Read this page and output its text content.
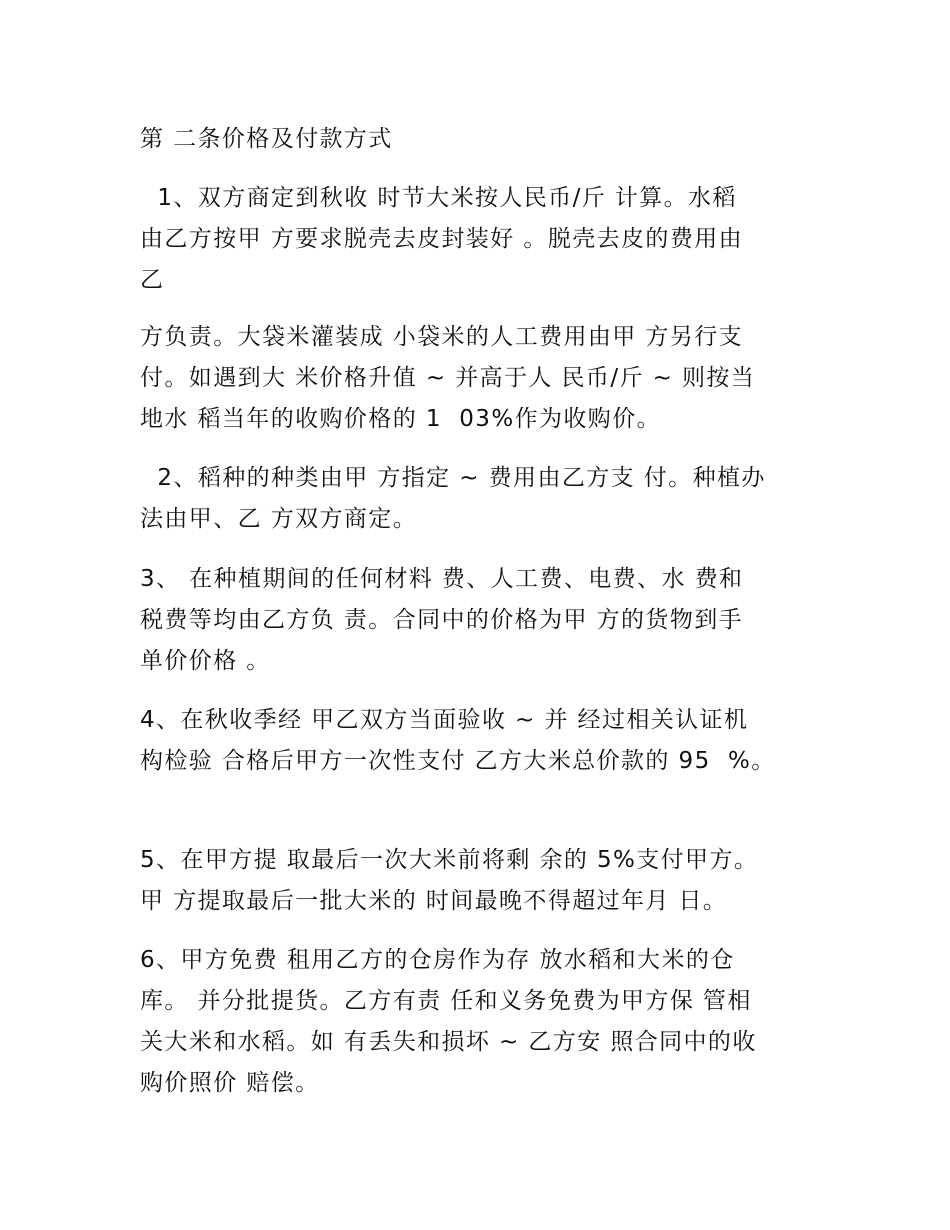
第 二条价格及付款方式
1、双方商定到秋收 时节大米按人民币/斤 计算。水稻
由乙方按甲 方要求脱壳去皮封装好 。脱壳去皮的费用由
乙
方负责。大袋米灌装成 小袋米的人工费用由甲 方另行支
付。如遇到大 米价格升值 ~ 并高于人 民币/斤 ~ 则按当
地水 稻当年的收购价格的 1  03%作为收购价。
2、稻种的种类由甲 方指定 ~ 费用由乙方支 付。种植办
法由甲、乙 方双方商定。
3、 在种植期间的任何材料 费、人工费、电费、水 费和
税费等均由乙方负 责。合同中的价格为甲 方的货物到手
单价价格 。
4、在秋收季经 甲乙双方当面验收 ~ 并 经过相关认证机
构检验 合格后甲方一次性支付 乙方大米总价款的 95  %。
5、在甲方提 取最后一次大米前将剩 余的 5%支付甲方。
甲 方提取最后一批大米的 时间最晚不得超过年月 日。
6、甲方免费 租用乙方的仓房作为存 放水稻和大米的仓
库。 并分批提货。乙方有责 任和义务免费为甲方保 管相
关大米和水稻。如 有丢失和损坏 ~ 乙方安 照合同中的收
购价照价 赔偿。
